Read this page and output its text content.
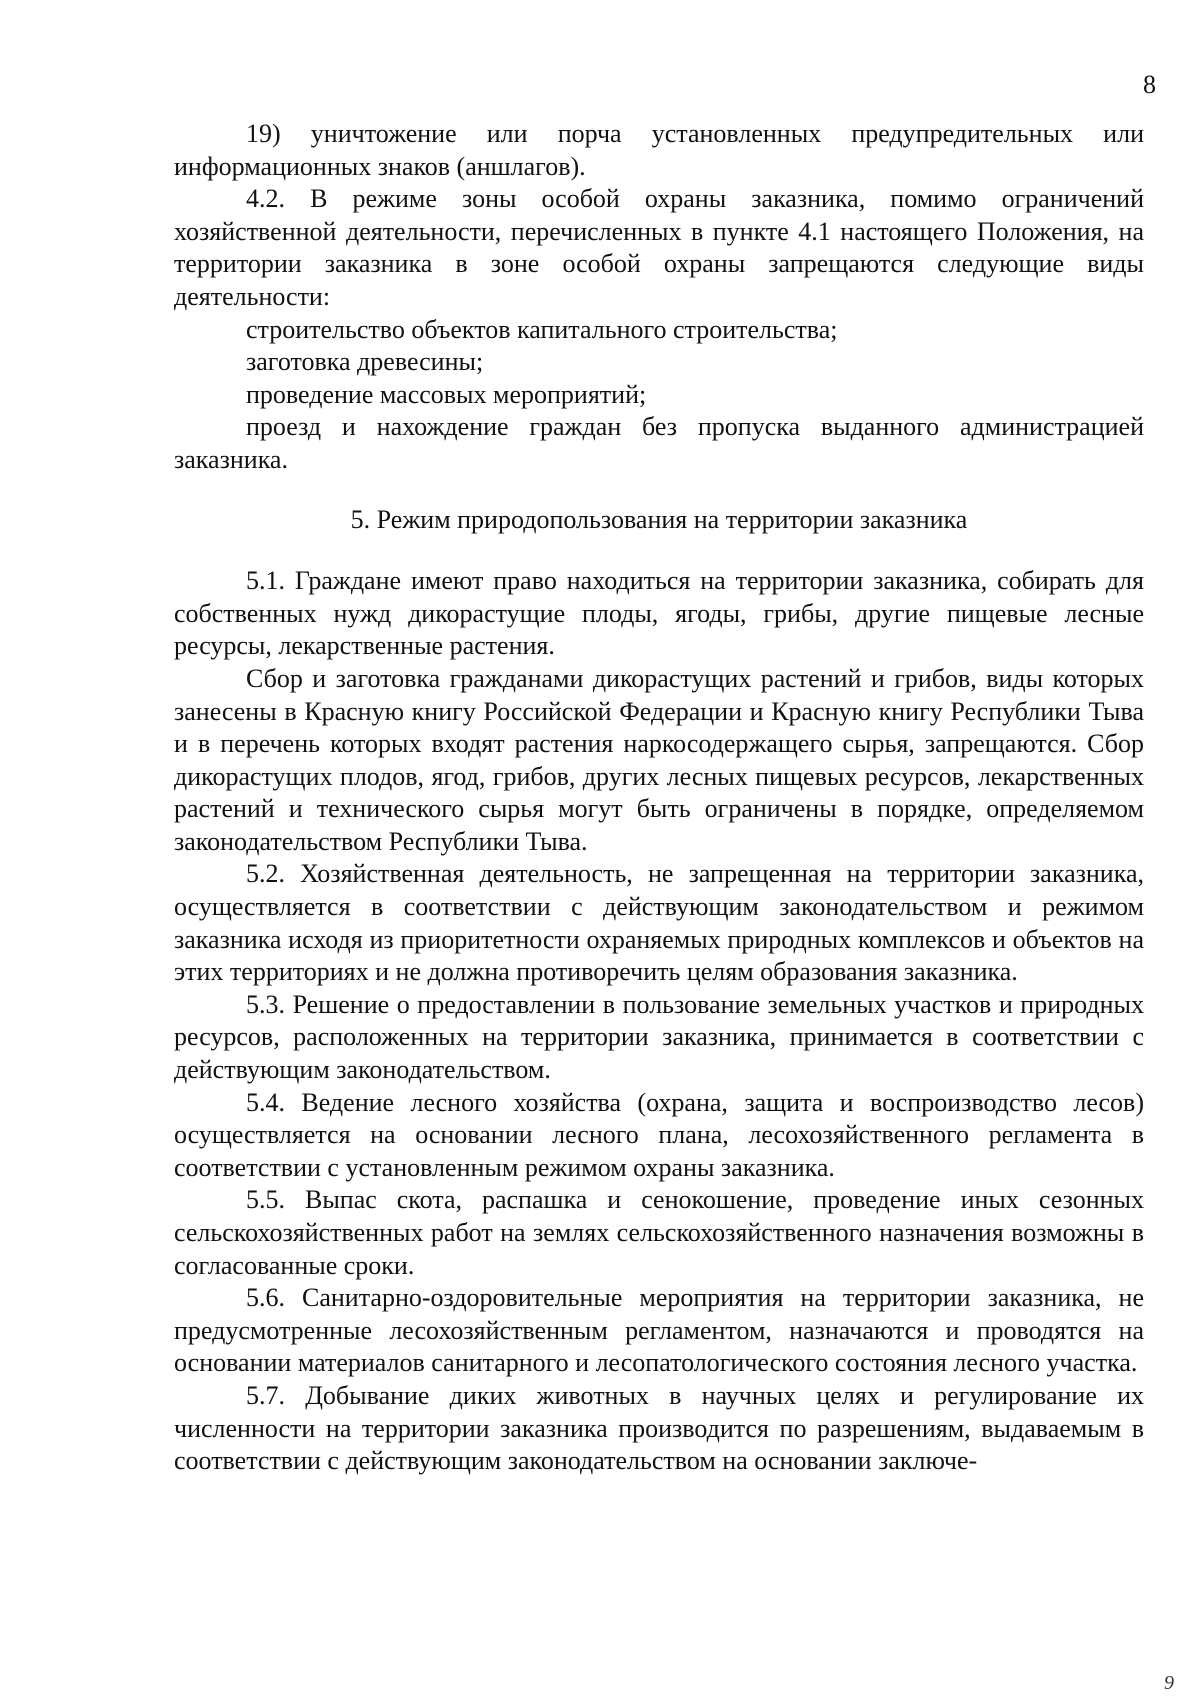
8

19) уничтожение или порча установленных предупредительных или информационных знаков (аншлагов).

4.2. В режиме зоны особой охраны заказника, помимо ограничений хозяйственной деятельности, перечисленных в пункте 4.1 настоящего Положения, на территории заказника в зоне особой охраны запрещаются следующие виды деятельности:

строительство объектов капитального строительства;

заготовка древесины;

проведение массовых мероприятий;

проезд и нахождение граждан без пропуска выданного администрацией заказника.

5. Режим природопользования на территории заказника

5.1. Граждане имеют право находиться на территории заказника, собирать для собственных нужд дикорастущие плоды, ягоды, грибы, другие пищевые лесные ресурсы, лекарственные растения.

Сбор и заготовка гражданами дикорастущих растений и грибов, виды которых занесены в Красную книгу Российской Федерации и Красную книгу Республики Тыва и в перечень которых входят растения наркосодержащего сырья, запрещаются. Сбор дикорастущих плодов, ягод, грибов, других лесных пищевых ресурсов, лекарственных растений и технического сырья могут быть ограничены в порядке, определяемом законодательством Республики Тыва.

5.2. Хозяйственная деятельность, не запрещенная на территории заказника, осуществляется в соответствии с действующим законодательством и режимом заказника исходя из приоритетности охраняемых природных комплексов и объектов на этих территориях и не должна противоречить целям образования заказника.

5.3. Решение о предоставлении в пользование земельных участков и природных ресурсов, расположенных на территории заказника, принимается в соответствии с действующим законодательством.

5.4. Ведение лесного хозяйства (охрана, защита и воспроизводство лесов) осуществляется на основании лесного плана, лесохозяйственного регламента в соответствии с установленным режимом охраны заказника.

5.5. Выпас скота, распашка и сенокошение, проведение иных сезонных сельскохозяйственных работ на землях сельскохозяйственного назначения возможны в согласованные сроки.

5.6. Санитарно-оздоровительные мероприятия на территории заказника, не предусмотренные лесохозяйственным регламентом, назначаются и проводятся на основании материалов санитарного и лесопатологического состояния лесного участка.

5.7. Добывание диких животных в научных целях и регулирование их численности на территории заказника производится по разрешениям, выдаваемым в соответствии с действующим законодательством на основании заключе-

9
